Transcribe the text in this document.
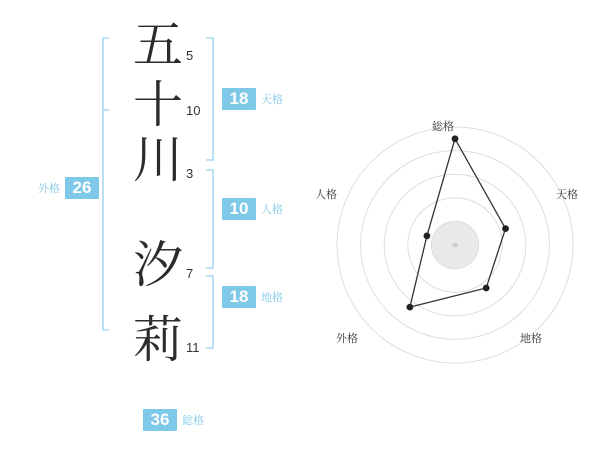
五 5
十 10
川 3
汐 7
莉 11
18	天格
10	人格
18	地格
外格 26
36	総格
総格
天格
地格
外格
人格
